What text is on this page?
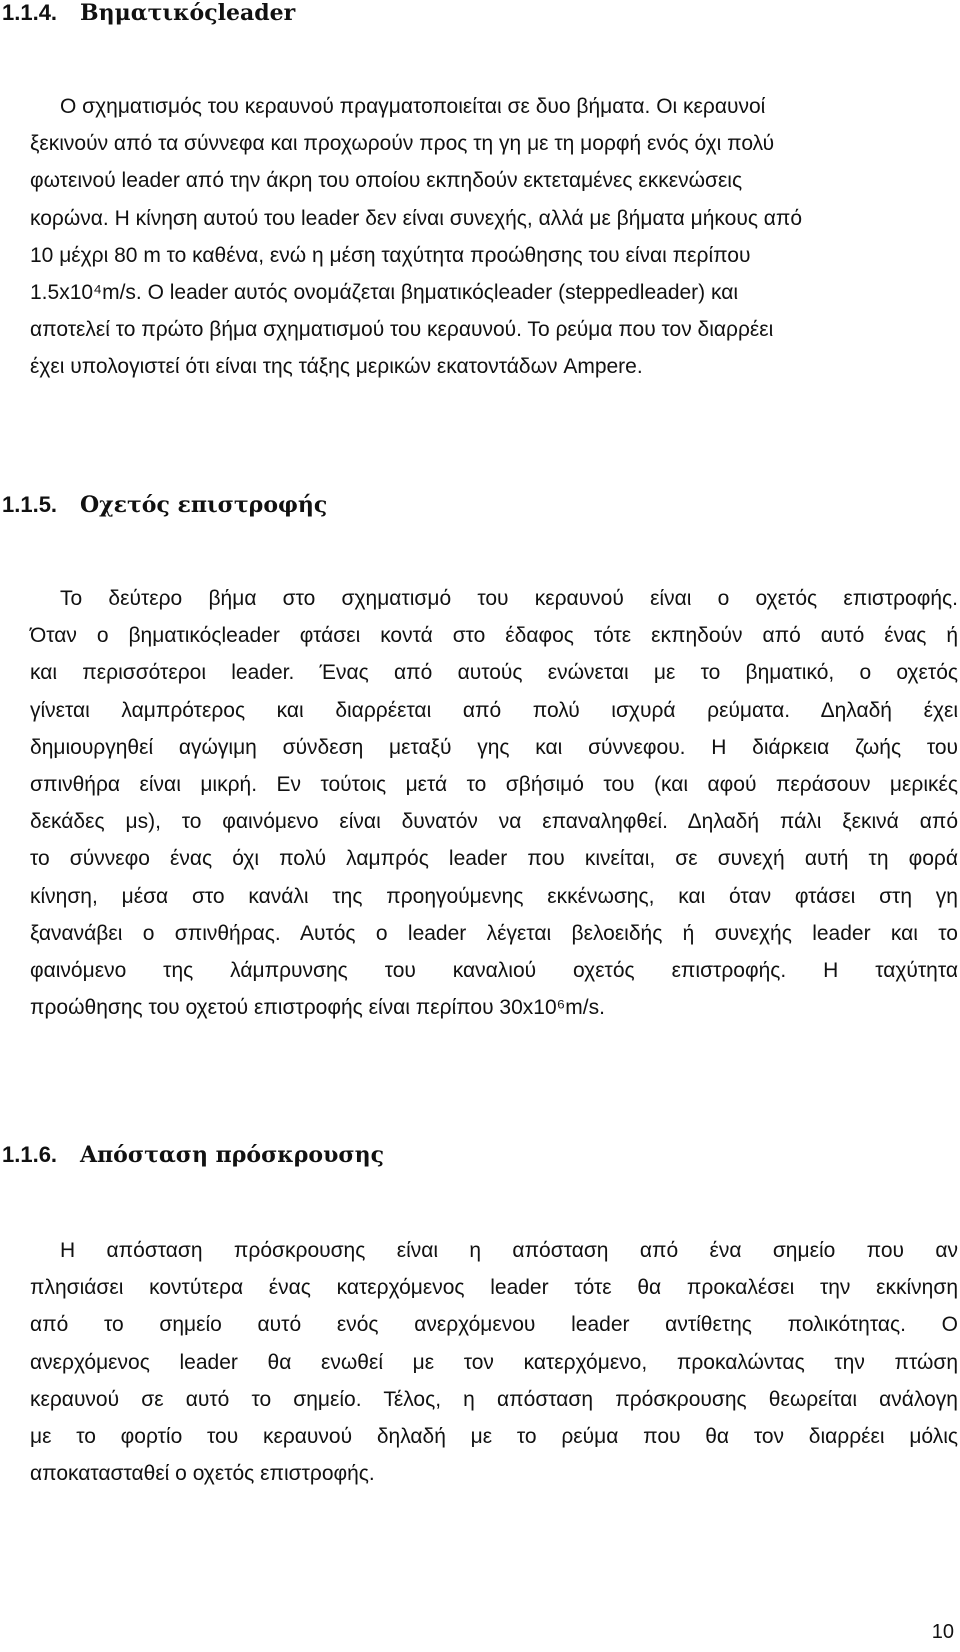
1.1.4. Βηματικόςleader
Ο σχηματισμός του κεραυνού πραγματοποιείται σε δυο βήματα. Οι κεραυνοί
ξεκινούν από τα σύννεφα και προχωρούν προς τη γη με τη μορφή ενός όχι πολύ
φωτεινού leader από την άκρη του οποίου εκπηδούν εκτεταμένες εκκενώσεις
κορώνα. Η κίνηση αυτού του leader δεν είναι συνεχής, αλλά με βήματα μήκους από
10 μέχρι 80 m το καθένα, ενώ η μέση ταχύτητα προώθησης του είναι περίπου
1.5x10⁴m/s. Ο leader αυτός ονομάζεται βηματικόςleader (steppedleader) και
αποτελεί το πρώτο βήμα σχηματισμού του κεραυνού. Το ρεύμα που τον διαρρέει
έχει υπολογιστεί ότι είναι της τάξης μερικών εκατοντάδων Ampere.
1.1.5. Οχετός επιστροφής
Το δεύτερο βήμα στο σχηματισμό του κεραυνού είναι ο οχετός επιστροφής.
Όταν ο βηματικόςleader φτάσει κοντά στο έδαφος τότε εκπηδούν από αυτό ένας ή
και περισσότεροι leader. Ένας από αυτούς ενώνεται με το βηματικό, ο οχετός
γίνεται λαμπρότερος και διαρρέεται από πολύ ισχυρά ρεύματα. Δηλαδή έχει
δημιουργηθεί αγώγιμη σύνδεση μεταξύ γης και σύννεφου. Η διάρκεια ζωής του
σπινθήρα είναι μικρή. Εν τούτοις μετά το σβήσιμό του (και αφού περάσουν μερικές
δεκάδες μs), το φαινόμενο είναι δυνατόν να επαναληφθεί. Δηλαδή πάλι ξεκινά από
το σύννεφο ένας όχι πολύ λαμπρός leader που κινείται, σε συνεχή αυτή τη φορά
κίνηση, μέσα στο κανάλι της προηγούμενης εκκένωσης, και όταν φτάσει στη γη
ξανανάβει ο σπινθήρας. Αυτός ο leader λέγεται βελοειδής ή συνεχής leader και το
φαινόμενο της λάμπρυνσης του καναλιού οχετός επιστροφής. Η ταχύτητα
προώθησης του οχετού επιστροφής είναι περίπου 30x10⁶m/s.
1.1.6. Απόσταση πρόσκρουσης
Η απόσταση πρόσκρουσης είναι η απόσταση από ένα σημείο που αν
πλησιάσει κοντύτερα ένας κατερχόμενος leader τότε θα προκαλέσει την εκκίνηση
από το σημείο αυτό ενός ανερχόμενου leader αντίθετης πολικότητας. Ο
ανερχόμενος leader θα ενωθεί με τον κατερχόμενο, προκαλώντας την πτώση
κεραυνού σε αυτό το σημείο. Τέλος, η απόσταση πρόσκρουσης θεωρείται ανάλογη
με το φορτίο του κεραυνού δηλαδή με το ρεύμα που θα τον διαρρέει μόλις
αποκατασταθεί ο οχετός επιστροφής.
10
